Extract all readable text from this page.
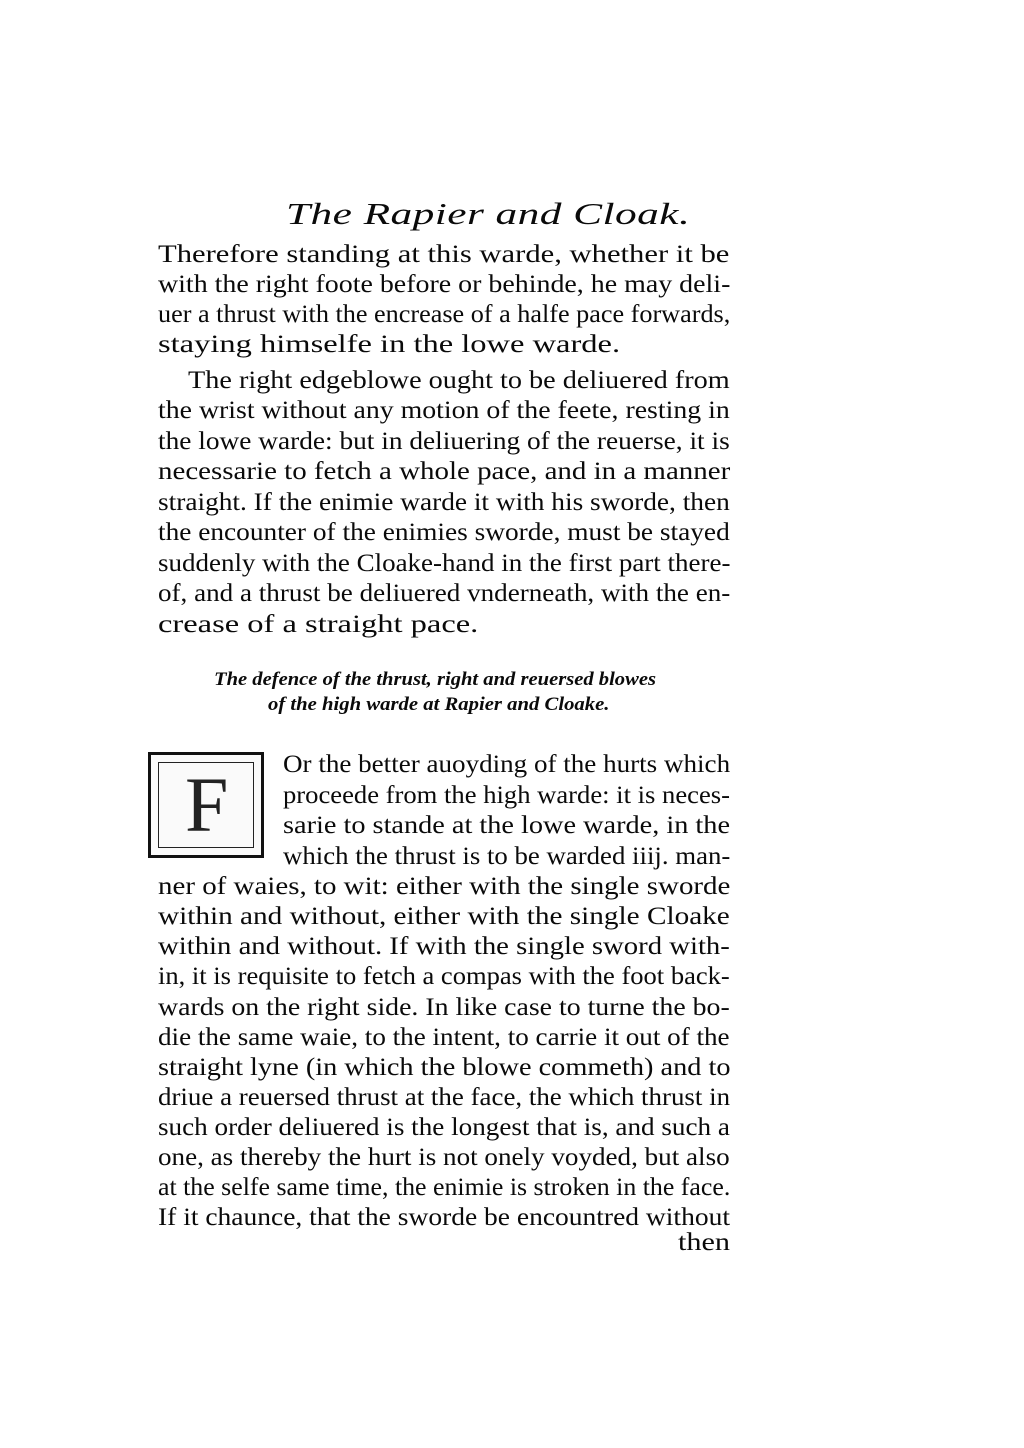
The Rapier and Cloak.
Therefore standing at this warde, whether it be
with the right foote before or behinde, he may deli-
uer a thrust with the encrease of a halfe pace forwards,
staying himselfe in the lowe warde.
The right edgeblowe ought to be deliuered from
the wrist without any motion of the feete, resting in
the lowe warde: but in deliuering of the reuerse, it is
necessarie to fetch a whole pace, and in a manner
straight. If the enimie warde it with his sworde, then
the encounter of the enimies sworde, must be stayed
suddenly with the Cloake-hand in the first part there-
of, and a thrust be deliuered vnderneath, with the en-
crease of a straight pace.
The defence of the thrust, right and reuersed blowes
of the high warde at Rapier and Cloake.
F Or the better auoyding of the hurts which
proceede from the high warde: it is neces-
sarie to stande at the lowe warde, in the
which the thrust is to be warded iiij. man-
ner of waies, to wit: either with the single sworde
within and without, either with the single Cloake
within and without. If with the single sword with-
in, it is requisite to fetch a compas with the foot back-
wards on the right side. In like case to turne the bo-
die the same waie, to the intent, to carrie it out of the
straight lyne (in which the blowe commeth) and to
driue a reuersed thrust at the face, the which thrust in
such order deliuered is the longest that is, and such a
one, as thereby the hurt is not onely voyded, but also
at the selfe same time, the enimie is stroken in the face.
If it chaunce, that the sworde be encountred without
then
